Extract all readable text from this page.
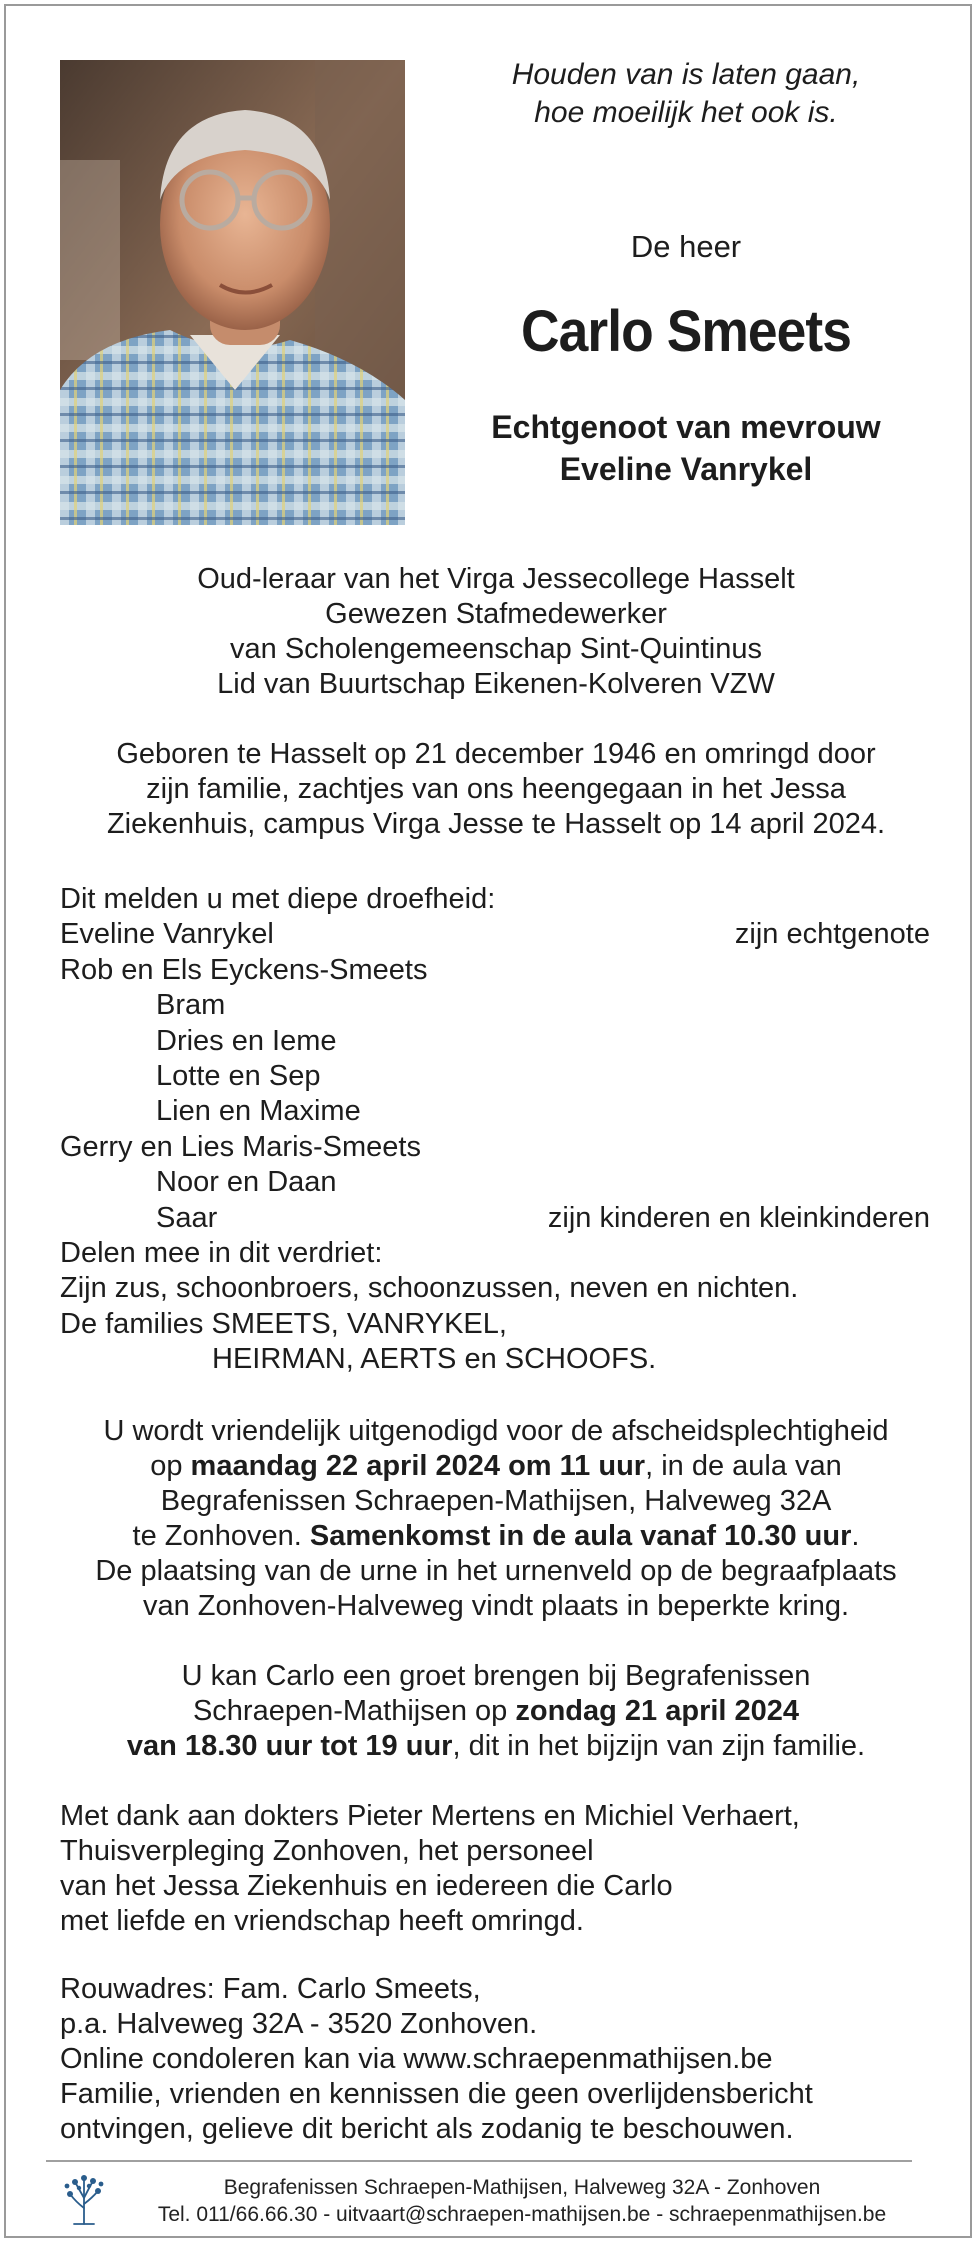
Houden van is laten gaan,
hoe moeilijk het ook is.
De heer
Carlo Smeets
Echtgenoot van mevrouw
Eveline Vanrykel

Oud-leraar van het Virga Jessecollege Hasselt

Gewezen Stafmedewerker

van Scholengemeenschap Sint-Quintinus

Lid van Buurtschap Eikenen-Kolveren VZW

Geboren te Hasselt op 21 december 1946 en omringd door

zijn familie, zachtjes van ons heengegaan in het Jessa

Ziekenhuis, campus Virga Jesse te Hasselt op 14 april 2024.

Dit melden u met diepe droefheid:
Eveline Vanrykel	zijn echtgenote
Rob en Els Eyckens-Smeets
Bram
Dries en Ieme
Lotte en Sep
Lien en Maxime
Gerry en Lies Maris-Smeets
Noor en Daan
Saar	zijn kinderen en kleinkinderen
Delen mee in dit verdriet:
Zijn zus, schoonbroers, schoonzussen, neven en nichten.
De families SMEETS, VANRYKEL,
HEIRMAN, AERTS en SCHOOFS.

U wordt vriendelijk uitgenodigd voor de afscheidsplechtigheid

op maandag 22 april 2024 om 11 uur, in de aula van

Begrafenissen Schraepen-Mathijsen, Halveweg 32A

te Zonhoven. Samenkomst in de aula vanaf 10.30 uur.

De plaatsing van de urne in het urnenveld op de begraafplaats

van Zonhoven-Halveweg vindt plaats in beperkte kring.

U kan Carlo een groet brengen bij Begrafenissen

Schraepen-Mathijsen op zondag 21 april 2024

van 18.30 uur tot 19 uur, dit in het bijzijn van zijn familie.

Met dank aan dokters Pieter Mertens en Michiel Verhaert,
Thuisverpleging Zonhoven, het personeel
van het Jessa Ziekenhuis en iedereen die Carlo
met liefde en vriendschap heeft omringd.
Rouwadres: Fam. Carlo Smeets,
p.a. Halveweg 32A - 3520 Zonhoven.
Online condoleren kan via www.schraepenmathijsen.be
Familie, vrienden en kennissen die geen overlijdensbericht
ontvingen, gelieve dit bericht als zodanig te beschouwen.
Begrafenissen Schraepen-Mathijsen, Halveweg 32A - Zonhoven
Tel. 011/66.66.30 - uitvaart@schraepen-mathijsen.be - schraepenmathijsen.be
